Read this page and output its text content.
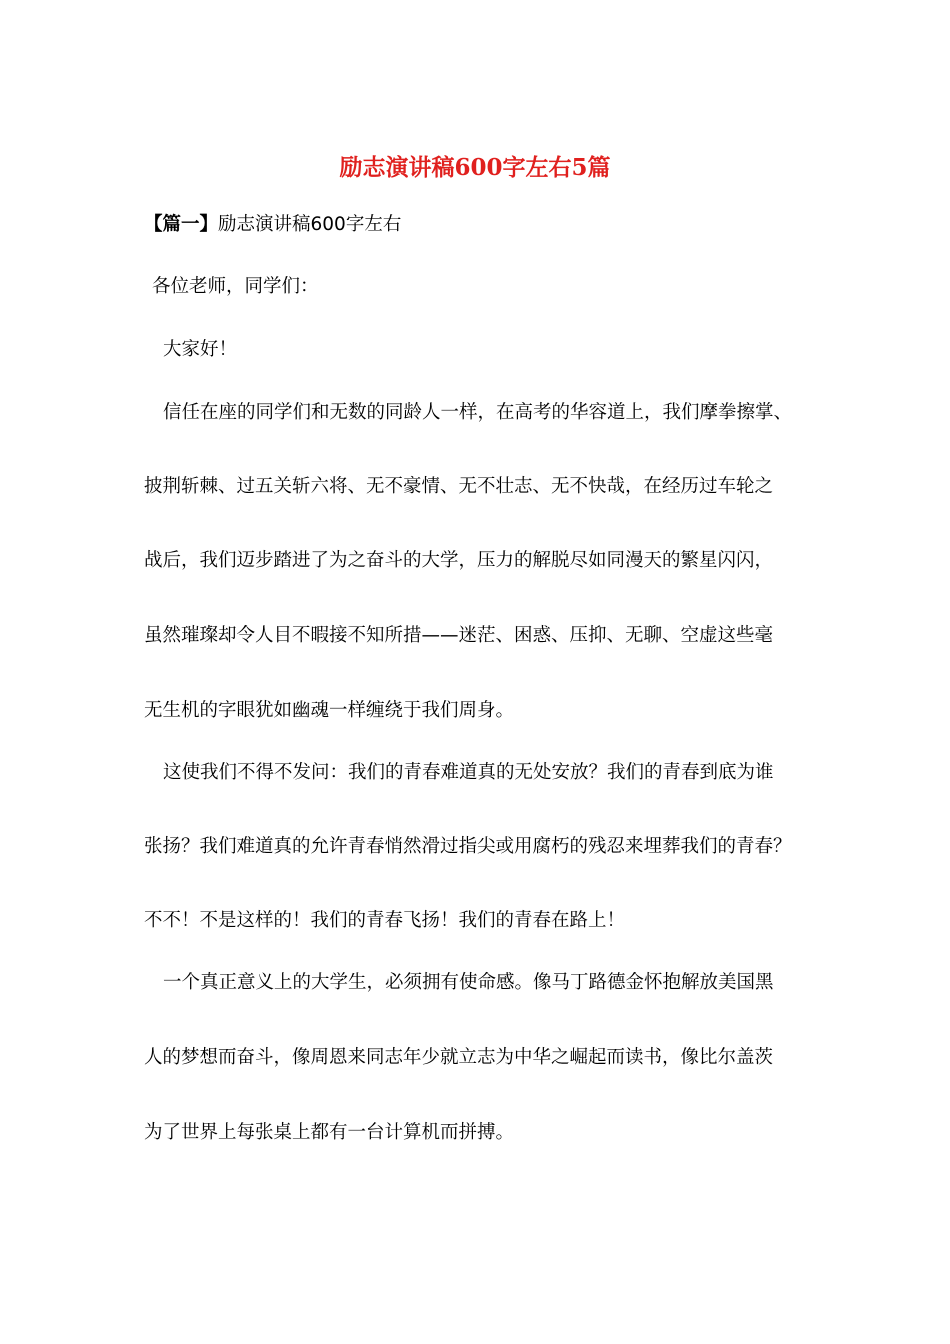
励志演讲稿600字左右5篇
【篇一】励志演讲稿600字左右
各位老师，同学们：
大家好！
信任在座的同学们和无数的同龄人一样，在高考的华容道上，我们摩拳擦掌、
披荆斩棘、过五关斩六将、无不豪情、无不壮志、无不快哉，在经历过车轮之
战后，我们迈步踏进了为之奋斗的大学，压力的解脱尽如同漫天的繁星闪闪，
虽然璀璨却令人目不暇接不知所措——迷茫、困惑、压抑、无聊、空虚这些毫
无生机的字眼犹如幽魂一样缠绕于我们周身。
这使我们不得不发问：我们的青春难道真的无处安放？我们的青春到底为谁
张扬？我们难道真的允许青春悄然滑过指尖或用腐朽的残忍来埋葬我们的青春？
不不！不是这样的！我们的青春飞扬！我们的青春在路上！
一个真正意义上的大学生，必须拥有使命感。像马丁路德金怀抱解放美国黑
人的梦想而奋斗，像周恩来同志年少就立志为中华之崛起而读书，像比尔盖茨
为了世界上每张桌上都有一台计算机而拼搏。
